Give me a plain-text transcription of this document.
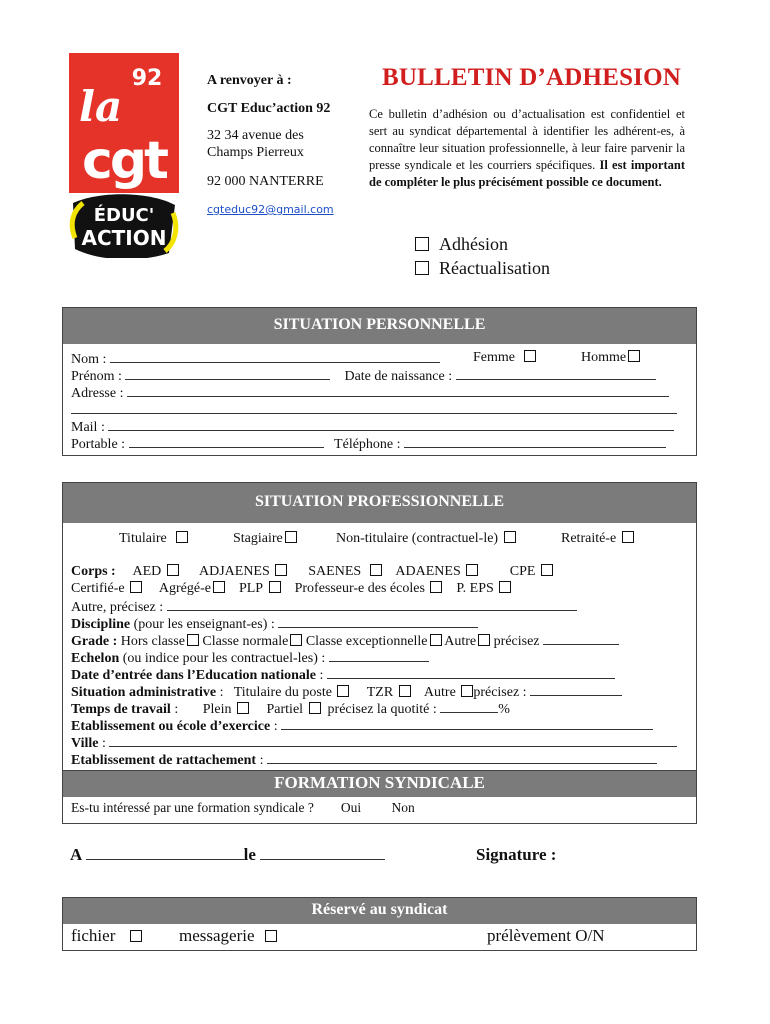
92
la
cgt
ÉDUC'
ACTION
A renvoyer à :
CGT Educ’action 92
32 34 avenue des
Champs Pierreux
92 000 NANTERRE
cgteduc92@gmail.com
BULLETIN D’ADHESION
Ce bulletin d’adhésion ou d’actualisation est confidentiel et sert au syndicat départemental à identifier les adhérent-es, à connaître leur situation professionnelle, à leur faire parvenir la presse syndicale et les courriers spécifiques. Il est important de compléter le plus précisément possible ce document.
Adhésion
Réactualisation
SITUATION PERSONNELLE
Nom :	Femme	Homme
Prénom :	Date de naissance :
Adresse :
Mail :
Portable :	Téléphone :
SITUATION PROFESSIONNELLE
Titulaire	Stagiaire	Non-titulaire (contractuel-le)	Retraité-e
Corps : AED	ADJAENES	SAENES ADAENES	CPE
Certifié-e Agrégé-e PLP Professeur-e des écoles P. EPS
Autre, précisez :
Discipline (pour les enseignant-es) :
Grade : Hors classe Classe normale Classe exceptionnelle Autre précisez
Echelon (ou indice pour les contractuel-les) :
Date d’entrée dans l’Education nationale :
Situation administrative :   Titulaire du poste TZR Autre précisez :
Temps de travail :       Plein	Partiel précisez la quotité :	%
Etablissement ou école d’exercice :
Ville :
Etablissement de rattachement :
FORMATION SYNDICALE
Es-tu intéressé par une formation syndicale ? Oui Non
A	le	Signature :
Réservé au syndicat
fichier	messagerie	prélèvement O/N
